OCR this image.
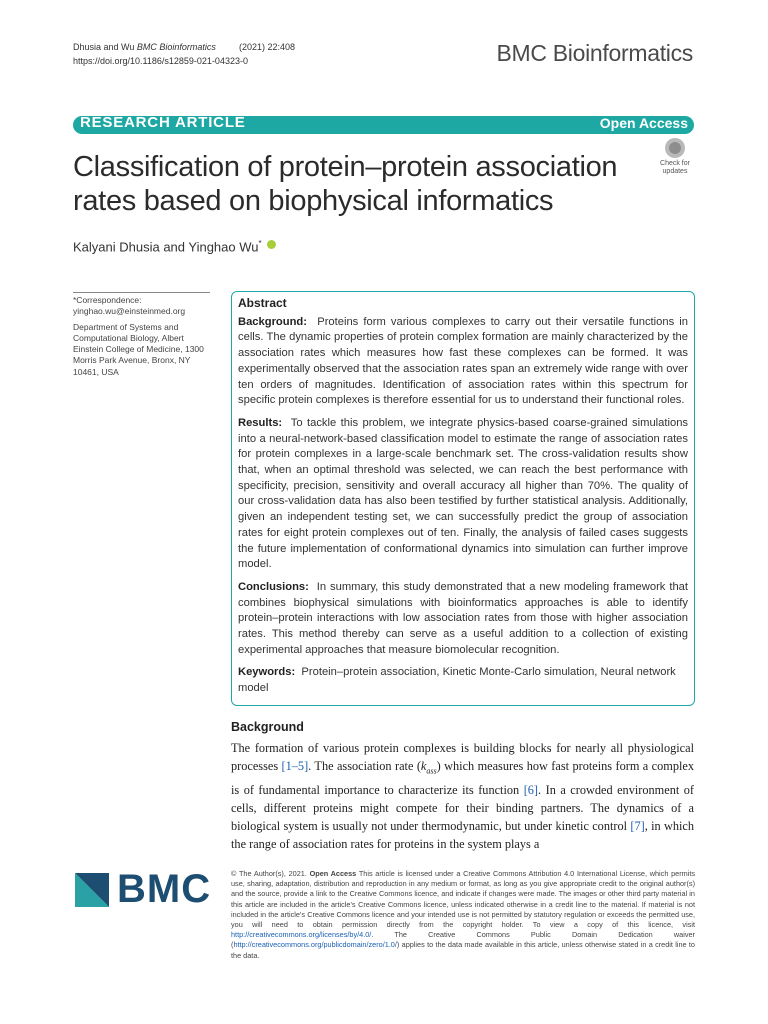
Dhusia and Wu BMC Bioinformatics	(2021) 22:408
https://doi.org/10.1186/s12859-021-04323-0	BMC Bioinformatics
RESEARCH ARTICLE	Open Access
Classification of protein–protein association rates based on biophysical informatics
Check for
updates
Kalyani Dhusia and Yinghao Wu*

*Correspondence:
yinghao.wu@einsteinmed.org

Department of Systems and Computational Biology, Albert Einstein College of Medicine, 1300 Morris Park Avenue, Bronx, NY 10461, USA

Abstract

Background: Proteins form various complexes to carry out their versatile functions in cells. The dynamic properties of protein complex formation are mainly characterized by the association rates which measures how fast these complexes can be formed. It was experimentally observed that the association rates span an extremely wide range with over ten orders of magnitudes. Identification of association rates within this spectrum for specific protein complexes is therefore essential for us to understand their functional roles.

Results: To tackle this problem, we integrate physics-based coarse-grained simulations into a neural-network-based classification model to estimate the range of association rates for protein complexes in a large-scale benchmark set. The cross-validation results show that, when an optimal threshold was selected, we can reach the best performance with specificity, precision, sensitivity and overall accuracy all higher than 70%. The quality of our cross-validation data has also been testified by further statistical analysis. Additionally, given an independent testing set, we can successfully predict the group of association rates for eight protein complexes out of ten. Finally, the analysis of failed cases suggests the future implementation of conformational dynamics into simulation can further improve model.

Conclusions: In summary, this study demonstrated that a new modeling framework that combines biophysical simulations with bioinformatics approaches is able to identify protein–protein interactions with low association rates from those with higher association rates. This method thereby can serve as a useful addition to a collection of existing experimental approaches that measure biomolecular recognition.

Keywords: Protein–protein association, Kinetic Monte-Carlo simulation, Neural network model

Background
The formation of various protein complexes is building blocks for nearly all physiological processes [1–5]. The association rate $(k_{ass})$ which measures how fast proteins form a complex is of fundamental importance to characterize its function [6]. In a crowded environment of cells, different proteins might compete for their binding partners. The dynamics of a biological system is usually not under thermodynamic, but under kinetic control [7], in which the range of association rates for proteins in the system plays a
BMC	© The Author(s), 2021. Open Access This article is licensed under a Creative Commons Attribution 4.0 International License, which permits use, sharing, adaptation, distribution and reproduction in any medium or format, as long as you give appropriate credit to the original author(s) and the source, provide a link to the Creative Commons licence, and indicate if changes were made. The images or other third party material in this article are included in the article's Creative Commons licence, unless indicated otherwise in a credit line to the material. If material is not included in the article's Creative Commons licence and your intended use is not permitted by statutory regulation or exceeds the permitted use, you will need to obtain permission directly from the copyright holder. To view a copy of this licence, visit http://creativecommons.org/licenses/by/4.0/. The Creative Commons Public Domain Dedication waiver (http://creativecommons.org/publicdomain/zero/1.0/) applies to the data made available in this article, unless otherwise stated in a credit line to the data.
